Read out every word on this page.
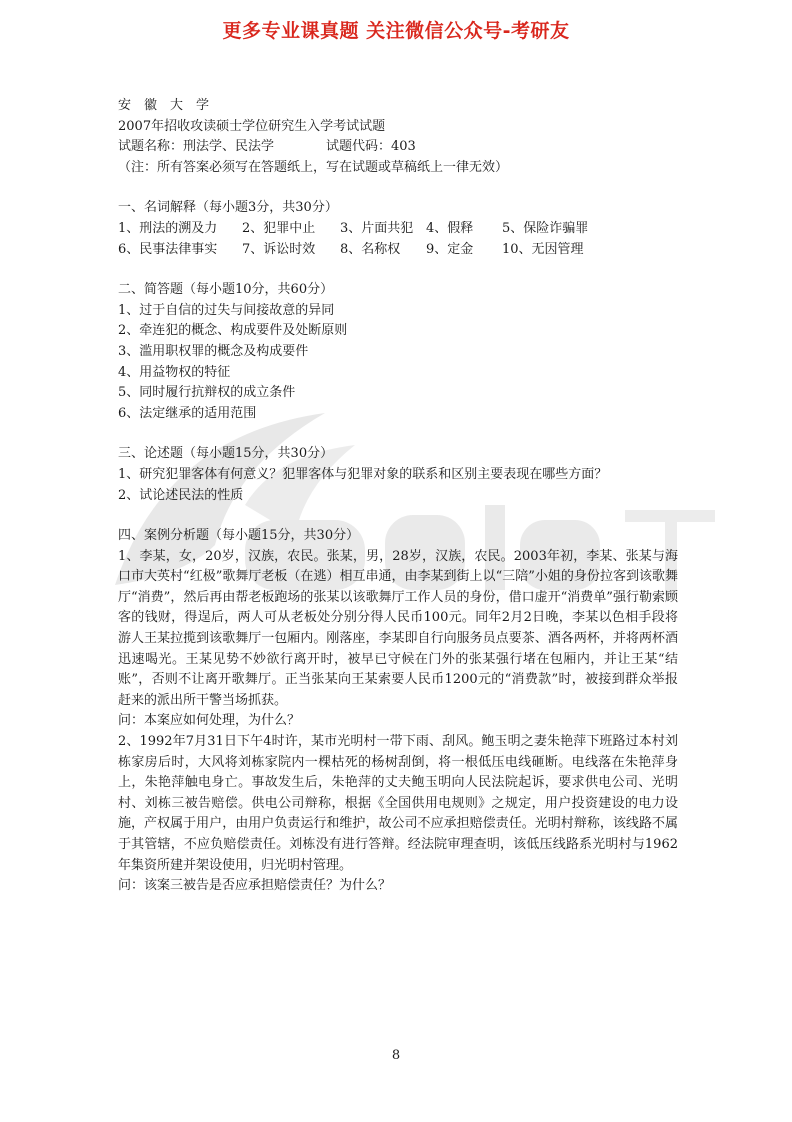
更多专业课真题 关注微信公众号-考研友
安　徽　大　学
2007年招收攻读硕士学位研究生入学考试试题
试题名称：刑法学、民法学　　　　试题代码：403
（注：所有答案必须写在答题纸上，写在试题或草稿纸上一律无效）
一、名词解释（每小题3分，共30分）
1、刑法的溯及力	2、犯罪中止	3、片面共犯 4、假释	5、保险诈骗罪
6、民事法律事实	7、诉讼时效	8、名称权	9、定金	10、无因管理
二、简答题（每小题10分，共60分）
1、过于自信的过失与间接故意的异同
2、牵连犯的概念、构成要件及处断原则
3、滥用职权罪的概念及构成要件
4、用益物权的特征
5、同时履行抗辩权的成立条件
6、法定继承的适用范围
三、论述题（每小题15分，共30分）
1、研究犯罪客体有何意义？犯罪客体与犯罪对象的联系和区别主要表现在哪些方面？
2、试论述民法的性质
四、案例分析题（每小题15分，共30分）
1、李某，女，20岁，汉族，农民。张某，男，28岁，汉族，农民。2003年初，李某、张某与海口市大英村“红极”歌舞厅老板（在逃）相互串通，由李某到街上以“三陪”小姐的身份拉客到该歌舞厅“消费”，然后再由帮老板跑场的张某以该歌舞厅工作人员的身份，借口虚开“消费单”强行勒索顾客的钱财，得逞后，两人可从老板处分别分得人民币100元。同年2月2日晚，李某以色相手段将游人王某拉揽到该歌舞厅一包厢内。刚落座，李某即自行向服务员点要茶、酒各两杯，并将两杯酒迅速喝光。王某见势不妙欲行离开时，被早已守候在门外的张某强行堵在包厢内，并让王某“结账”，否则不让离开歌舞厅。正当张某向王某索要人民币1200元的“消费款”时，被接到群众举报赶来的派出所干警当场抓获。
问：本案应如何处理，为什么？
2、1992年7月31日下午4时许，某市光明村一带下雨、刮风。鲍玉明之妻朱艳萍下班路过本村刘栋家房后时，大风将刘栋家院内一棵枯死的杨树刮倒，将一根低压电线砸断。电线落在朱艳萍身上，朱艳萍触电身亡。事故发生后，朱艳萍的丈夫鲍玉明向人民法院起诉，要求供电公司、光明村、刘栋三被告赔偿。供电公司辩称，根据《全国供用电规则》之规定，用户投资建设的电力设施，产权属于用户，由用户负责运行和维护，故公司不应承担赔偿责任。光明村辩称，该线路不属于其管辖，不应负赔偿责任。刘栋没有进行答辩。经法院审理查明，该低压线路系光明村与1962年集资所建并架设使用，归光明村管理。
问：该案三被告是否应承担赔偿责任？为什么？
8
